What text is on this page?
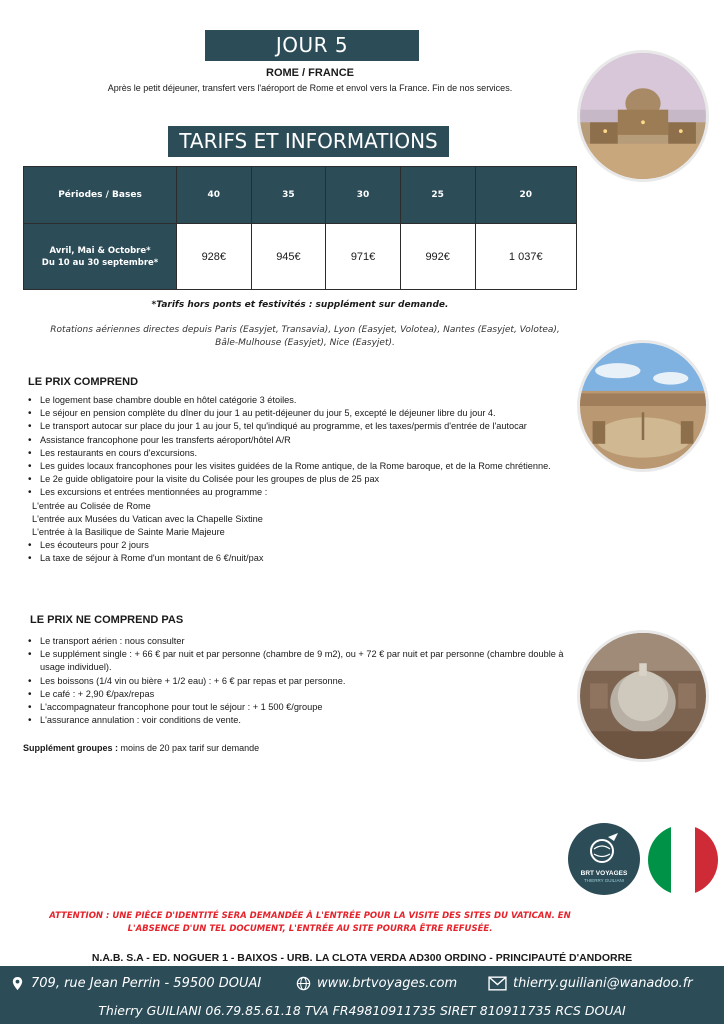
JOUR 5
ROME / FRANCE
Après le petit déjeuner, transfert vers l'aéroport de Rome et envol vers la France. Fin de nos services.
TARIFS ET INFORMATIONS
Périodes / Bases	40	35	30	25	20

Avril, Mai & Octobre*
Du 10 au 30 septembre*	928€	945€	971€	992€	1 037€
*Tarifs hors ponts et festivités : supplément sur demande.
Rotations aériennes directes depuis Paris (Easyjet, Transavia), Lyon (Easyjet, Volotea), Nantes (Easyjet, Volotea),
Bâle-Mulhouse (Easyjet), Nice (Easyjet).
LE PRIX COMPREND
• Le logement base chambre double en hôtel catégorie 3 étoiles.
• Le séjour en pension complète du dîner du jour 1 au petit-déjeuner du jour 5, excepté le déjeuner libre du jour 4.
• Le transport autocar sur place du jour 1 au jour 5, tel qu'indiqué au programme, et les taxes/permis d'entrée de l'autocar
• Assistance francophone pour les transferts aéroport/hôtel A/R
• Les restaurants en cours d'excursions.
• Les guides locaux francophones pour les visites guidées de la Rome antique, de la Rome baroque, et de la Rome chrétienne.
• Le 2e guide obligatoire pour la visite du Colisée pour les groupes de plus de 25 pax
• Les excursions et entrées mentionnées au programme :
L'entrée au Colisée de Rome
L'entrée aux Musées du Vatican avec la Chapelle Sixtine
L'entrée à la Basilique de Sainte Marie Majeure
• Les écouteurs pour 2 jours
• La taxe de séjour à Rome d'un montant de 6 €/nuit/pax
LE PRIX NE COMPREND PAS
• Le transport aérien : nous consulter
• Le supplément single : + 66 € par nuit et par personne (chambre de 9 m2), ou + 72 € par nuit et par personne (chambre double à usage individuel).
• Les boissons (1/4 vin ou bière + 1/2 eau) : + 6 € par repas et par personne.
• Le café : + 2,90 €/pax/repas
• L'accompagnateur francophone pour tout le séjour : + 1 500 €/groupe
• L'assurance annulation : voir conditions de vente.
Supplément groupes : moins de 20 pax tarif sur demande
BRT VOYAGES
THIERRY GUILIANI
ATTENTION : UNE PIÈCE D'IDENTITÉ SERA DEMANDÉE À L'ENTRÉE POUR LA VISITE DES SITES DU VATICAN. EN
L'ABSENCE D'UN TEL DOCUMENT, L'ENTRÉE AU SITE POURRA ÊTRE REFUSÉE.
N.A.B. S.A - ED. NOGUER 1 - BAIXOS - URB. LA CLOTA VERDA AD300 ORDINO - PRINCIPAUTÉ D'ANDORRE
709, rue Jean Perrin - 59500 DOUAI	www.brtvoyages.com	thierry.guiliani@wanadoo.fr
Thierry GUILIANI 06.79.85.61.18 TVA FR49810911735 SIRET 810911735 RCS DOUAI
